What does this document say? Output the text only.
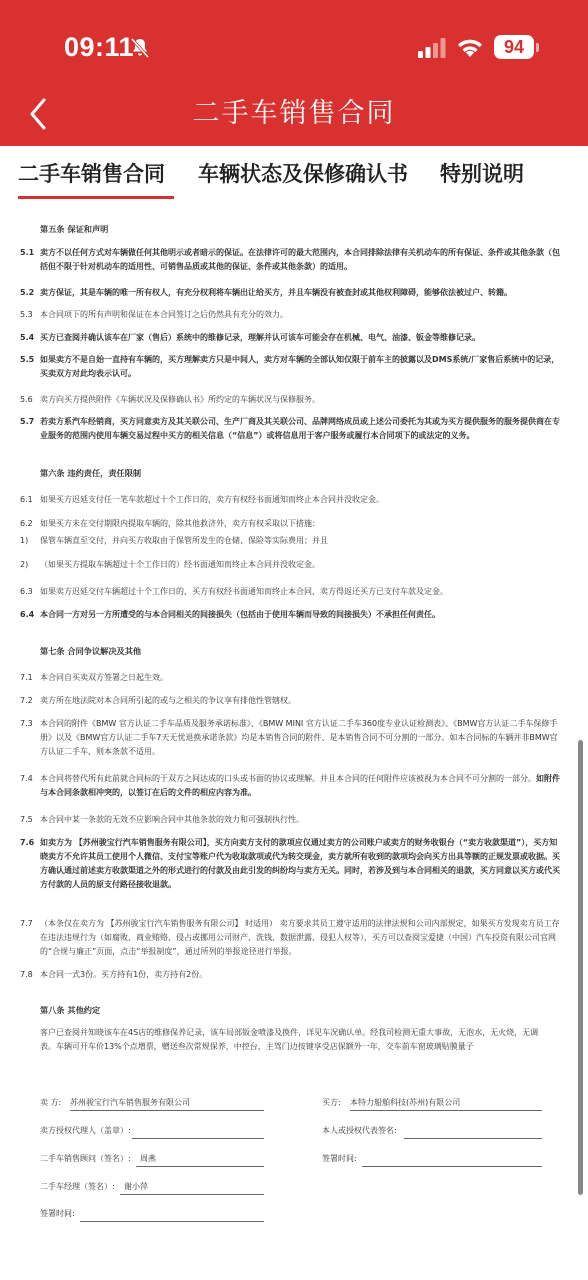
09:11	94
二手车销售合同
二手车销售合同 车辆状态及保修确认书 特别说明
第五条 保证和声明
5.1 卖方不以任何方式对车辆做任何其他明示或者暗示的保证。在法律许可的最大范围内，本合同排除法律有关机动车的所有保证、条件或其他条款（包括但不限于针对机动车的适用性、可销售品质或其他的保证、条件或其他条款）的适用。
5.2 卖方保证，其是车辆的唯一所有权人，有充分权利将车辆出让给买方，并且车辆没有被查封或其他权利障碍，能够依法被过户、转籍。
5.3 本合同项下的所有声明和保证在本合同签订之后仍然具有充分的效力。
5.4 买方已查阅并确认该车在厂家（售后）系统中的维修记录，理解并认可该车可能会存在机械、电气、油漆、钣金等维修记录。
5.5 如果卖方不是自始一直持有车辆的，买方理解卖方只是中间人，卖方对车辆的全部认知仅限于前车主的披露以及DMS系统/厂家售后系统中的记录，买卖双方对此均表示认可。
5.6 卖方向买方提供附件《车辆状况及保修确认书》所约定的车辆状况与保修服务。
5.7 若卖方系汽车经销商，买方同意卖方及其关联公司、生产厂商及其关联公司、品牌网络成员或上述公司委托为其或为买方提供服务的服务提供商在专业服务的范围内使用车辆交易过程中买方的相关信息（“信息”）或将信息用于客户服务或履行本合同项下的或法定的义务。
第六条 违约责任，责任限制
6.1 如果买方迟延支付任一笔车款超过十个工作日的，卖方有权经书面通知而终止本合同并没收定金。
6.2 如果买方未在交付期限内提取车辆的，除其他救济外，卖方有权采取以下措施：
1)	保管车辆直至交付，并向买方收取由于保管所发生的仓储、保险等实际费用；并且
2)	（如果买方提取车辆超过十个工作日的）经书面通知而终止本合同并没收定金。
6.3 如果卖方迟延交付车辆超过十个工作日的，买方有权经书面通知而终止本合同，卖方得返还买方已支付车款及定金。
6.4 本合同一方对另一方所遭受的与本合同相关的间接损失（包括由于使用车辆而导致的间接损失）不承担任何责任。
第七条 合同争议解决及其他
7.1 本合同自买卖双方签署之日起生效。
7.2 卖方所在地法院对本合同所引起的或与之相关的争议享有排他性管辖权。
7.3 本合同的附件《BMW 官方认证二手车品质及服务承诺标准》、《BMW MINI 官方认证二手车360度专业认证检测表》、《BMW官方认证二手车保修手册》以及《BMW官方认证二手车7天无忧退换承诺条款》均是本销售合同的附件、是本销售合同不可分割的一部分。如本合同标的车辆并非BMW官方认证二手车，则本条款不适用。
7.4 本合同将替代所有此前就合同标的于双方之间达成的口头或书面的协议或理解。并且本合同的任何附件应该被视为本合同不可分割的一部分。如附件与本合同条款相冲突的，以签订在后的文件的相应内容为准。
7.5 本合同中某一条款的无效不应影响合同中其他条款的效力和可强制执行性。
7.6 如卖方为 【苏州骏宝行汽车销售服务有限公司】，买方向卖方支付的款项应仅通过卖方的公司账户或卖方的财务收银台（“卖方收款渠道”），买方知晓卖方不允许其员工使用个人微信、支付宝等账户代为收取款项或代为转交现金，卖方就所有收到的款项均会向买方出具等额的正规发票或收据。买方确认通过前述卖方收款渠道之外的形式进行的付款及由此引发的纠纷均与卖方无关。同时，若涉及到与本合同相关的退款，买方同意以买方或代买方付款的人员的原支付路径接收退款。
7.7 （本条仅在卖方为 【苏州骏宝行汽车销售服务有限公司】 时适用） 卖方要求其员工遵守适用的法律法规和公司内部规定，如果买方发现卖方员工存在违法违规行为（如腐败、商业贿赂、侵占或挪用公司财产、洗钱、数据泄露、侵犯人权等），买方可以查阅宝爱捷（中国）汽车投资有限公司官网的“合规与廉正”页面，点击“举报制度”，通过所列的举报途径进行举报。
7.8 本合同一式3份。买方持有1份，卖方持有2份。
第八条 其他约定
客户已查阅并知晓该车在4S店的维修保养记录，该车局部钣金喷漆及换件，详见车况确认单。经我司检测无重大事故，无泡水，无火烧，无调表。车辆可开车价13%个点增票，赠送叁次常规保养，中控台，主驾门边按键享受店保额外一年，交车前车窗玻璃贴膜量子
卖 方: 苏州骏宝行汽车销售服务有限公司	买方: 本特力船舶科技(苏州)有限公司
卖方授权代理人（盖章）:	本人或授权代表签名:
二手车销售顾问（签名）: 周燕	签署时间:
二手车经理（签名）: 谢小萍
签署时间:
